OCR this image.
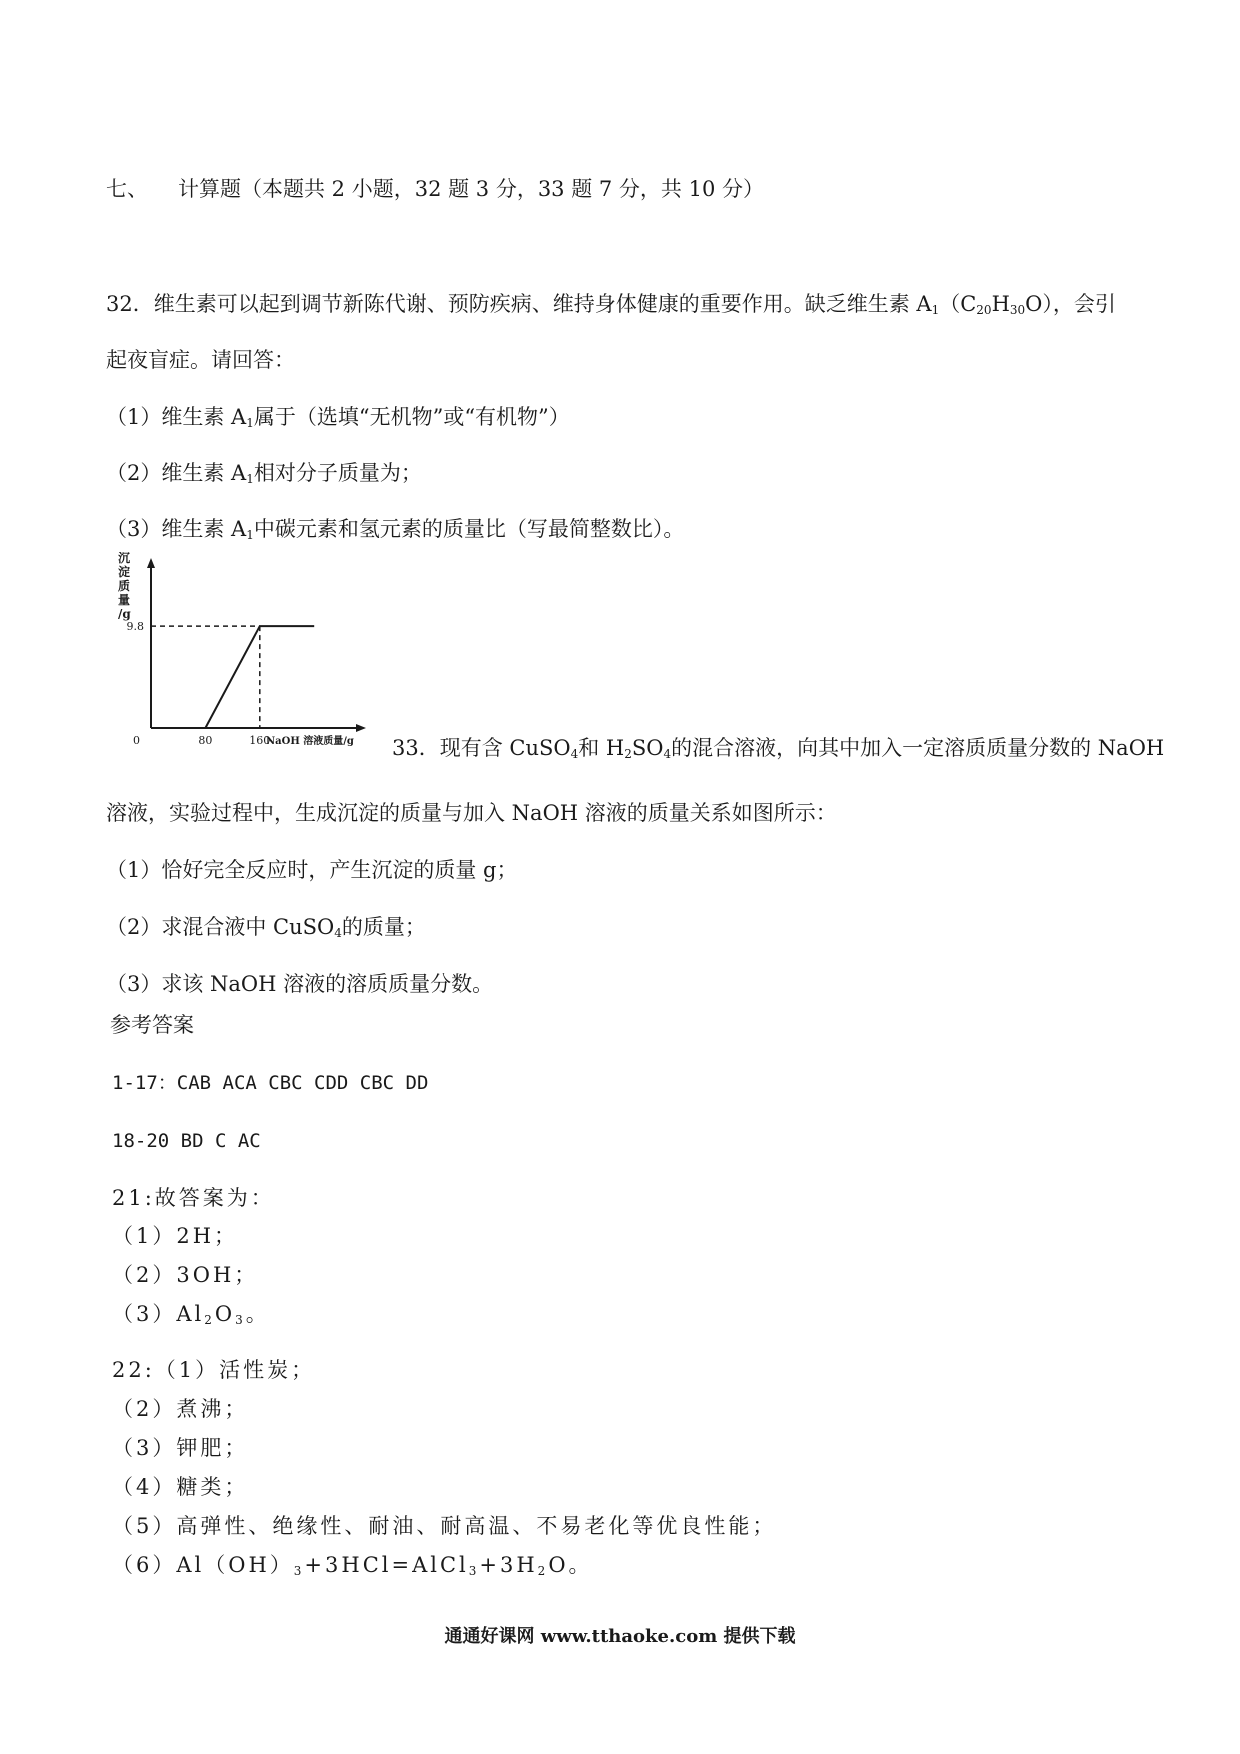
七、 计算题（本题共 2 小题，32 题 3 分，33 题 7 分，共 10 分）
32．维生素可以起到调节新陈代谢、预防疾病、维持身体健康的重要作用。缺乏维生素 $A_1(C_{20}H_{30}O)$，会引
起夜盲症。请回答：
（1）维生素 $A_1$属于（选填“无机物”或“有机物”）
（2）维生素 $A_1$相对分子质量为；
（3）维生素 $A_1$中碳元素和氢元素的质量比（写最简整数比）。
沉
淀
质
量
/g
0	80	160
9.8
NaOH 溶液质量/g 33．现有含 CuSO$_4$和 $H_2SO_4$的混合溶液，向其中加入一定溶质质量分数的 NaOH
溶液，实验过程中，生成沉淀的质量与加入 NaOH 溶液的质量关系如图所示：
（1）恰好完全反应时，产生沉淀的质量 g；
（2）求混合液中 CuSO$_4$的质量；
（3）求该 NaOH 溶液的溶质质量分数。
参考答案
1-17：CAB ACA CBC CDD CBC DD
18-20 BD C AC
21:故答案为：
（1）2H；
（2）3OH；
$(3)Al_2O_3$。
22:（1）活性炭；
（2）煮沸；
（3）钾肥；
（4）糖类；
（5）高弹性、绝缘性、耐油、耐高温、不易老化等优良性能；
$(6)Al(OH)_3+3HCl=AlCl_3+3H_2O$。
通通好课网 www.tthaoke.com 提供下载
